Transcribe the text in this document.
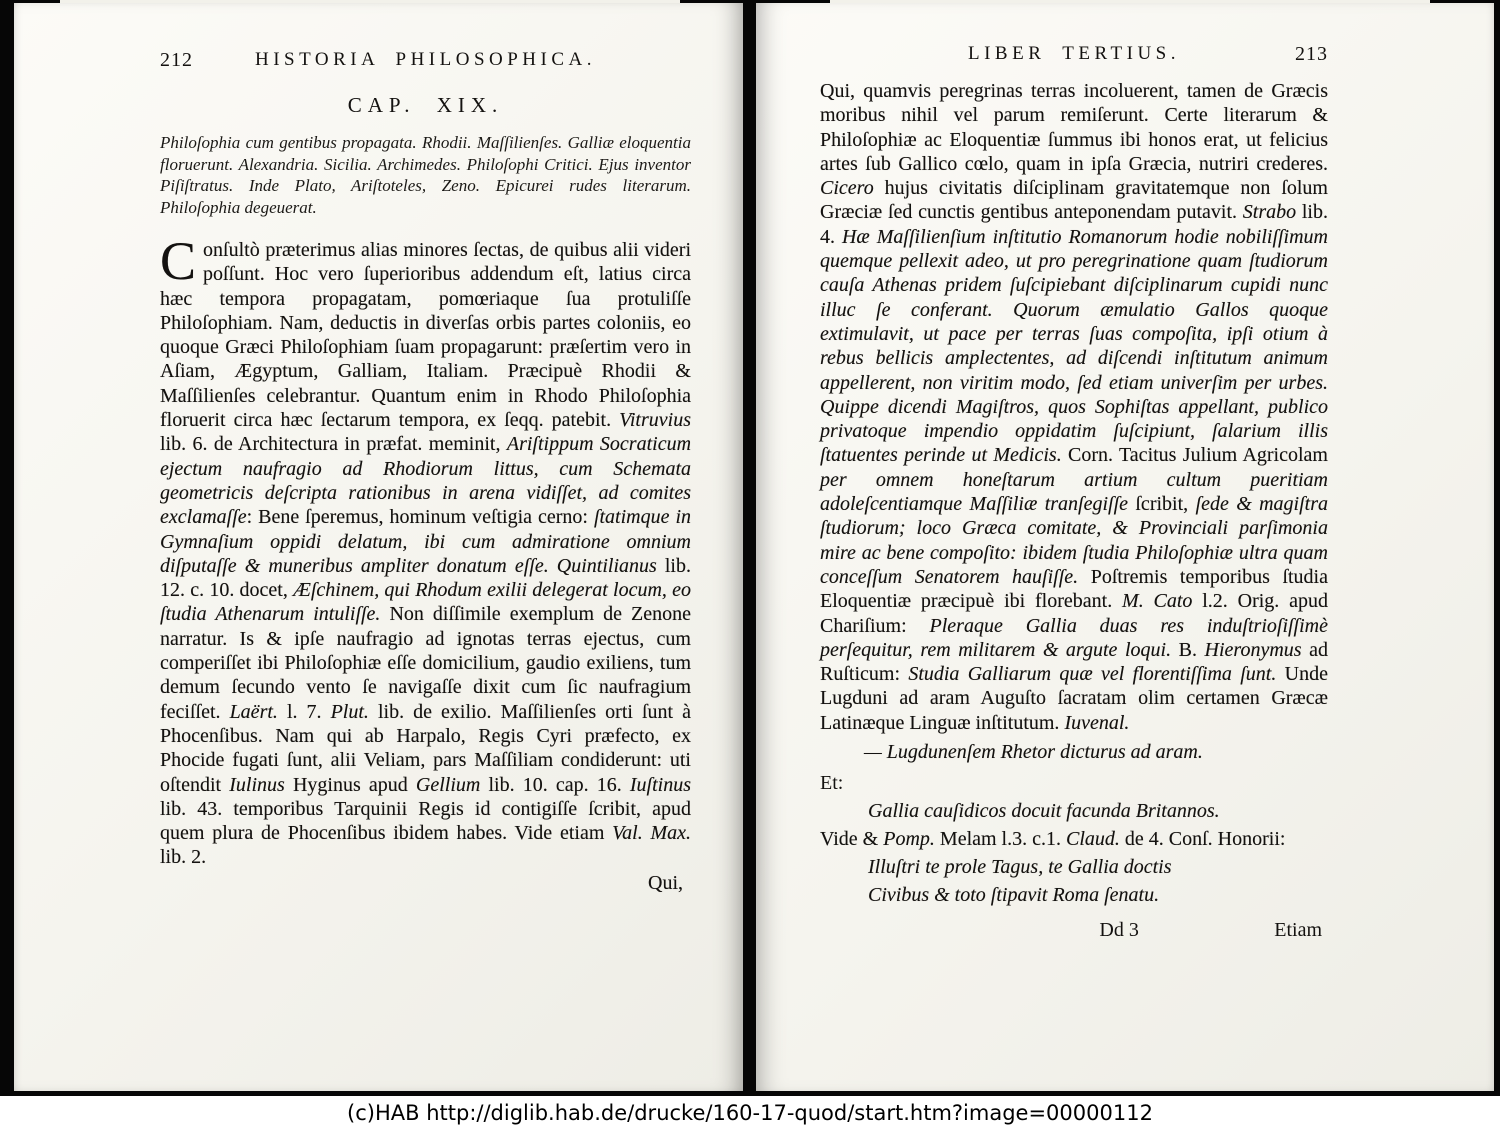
212	HISTORIA PHILOSOPHICA.
CAP. XIX.
Philoſophia cum gentibus propagata. Rhodii. Maſſilienſes. Galliæ eloquentia floruerunt. Alexandria. Sicilia. Archimedes. Philoſophi Critici. Ejus inventor Piſiſtratus. Inde Plato, Ariſtoteles, Zeno. Epicurei rudes literarum. Philoſophia degeuerat.
Conſultò præterimus alias minores ſectas, de quibus alii videri poſſunt. Hoc vero ſuperioribus addendum eſt, latius circa hæc tempora propagatam, pomœriaque ſua protuliſſe Philoſophiam. Nam, deductis in diverſas orbis partes coloniis, eo quoque Græci Philoſophiam ſuam propagarunt: præſertim vero in Aſiam, Ægyptum, Galliam, Italiam. Præcipuè Rhodii & Maſſilienſes celebrantur. Quantum enim in Rhodo Philoſophia floruerit circa hæc ſectarum tempora, ex ſeqq. patebit. Vitruvius lib. 6. de Architectura in præfat. meminit, Ariſtippum Socraticum ejectum naufragio ad Rhodiorum littus, cum Schemata geometricis deſcripta rationibus in arena vidiſſet, ad comites exclamaſſe: Bene ſperemus, hominum veſtigia cerno: ſtatimque in Gymnaſium oppidi delatum, ibi cum admiratione omnium diſputaſſe & muneribus ampliter donatum eſſe. Quintilianus lib. 12. c. 10. docet, Æſchinem, qui Rhodum exilii delegerat locum, eo ſtudia Athenarum intuliſſe. Non diſſimile exemplum de Zenone narratur. Is & ipſe naufragio ad ignotas terras ejectus, cum comperiſſet ibi Philoſophiæ eſſe domicilium, gaudio exiliens, tum demum ſecundo vento ſe navigaſſe dixit cum ſic naufragium feciſſet. Laërt. l. 7. Plut. lib. de exilio. Maſſilienſes orti ſunt à Phocenſibus. Nam qui ab Harpalo, Regis Cyri præfecto, ex Phocide fugati ſunt, alii Veliam, pars Maſſiliam condiderunt: uti oſtendit Iulinus Hyginus apud Gellium lib. 10. cap. 16. Iuſtinus lib. 43. temporibus Tarquinii Regis id contigiſſe ſcribit, apud quem plura de Phocenſibus ibidem habes. Vide etiam Val. Max. lib. 2.
Qui,
LIBER TERTIUS.	213
Qui, quamvis peregrinas terras incoluerent, tamen de Græcis moribus nihil vel parum remiſerunt. Certe literarum & Philoſophiæ ac Eloquentiæ ſummus ibi honos erat, ut felicius artes ſub Gallico cœlo, quam in ipſa Græcia, nutriri crederes. Cicero hujus civitatis diſciplinam gravitatemque non ſolum Græciæ ſed cunctis gentibus anteponendam putavit. Strabo lib. 4. Hæ Maſſilienſium inſtitutio Romanorum hodie nobiliſſimum quemque pellexit adeo, ut pro peregrinatione quam ſtudiorum cauſa Athenas pridem ſuſcipiebant diſciplinarum cupidi nunc illuc ſe conferant. Quorum æmulatio Gallos quoque extimulavit, ut pace per terras ſuas compoſita, ipſi otium à rebus bellicis amplectentes, ad diſcendi inſtitutum animum appellerent, non viritim modo, ſed etiam univerſim per urbes. Quippe dicendi Magiſtros, quos Sophiſtas appellant, publico privatoque impendio oppidatim ſuſcipiunt, ſalarium illis ſtatuentes perinde ut Medicis. Corn. Tacitus Julium Agricolam per omnem honeſtarum artium cultum pueritiam adoleſcentiamque Maſſiliæ tranſegiſſe ſcribit, ſede & magiſtra ſtudiorum; loco Græca comitate, & Provinciali parſimonia mire ac bene compoſito: ibidem ſtudia Philoſophiæ ultra quam conceſſum Senatorem hauſiſſe. Poſtremis temporibus ſtudia Eloquentiæ præcipuè ibi florebant. M. Cato l.2. Orig. apud Chariſium: Pleraque Gallia duas res induſtrioſiſſimè perſequitur, rem militarem & argute loqui. B. Hieronymus ad Ruſticum: Studia Galliarum quæ vel florentiſſima ſunt. Unde Lugduni ad aram Auguſto ſacratam olim certamen Græcæ Latinæque Linguæ inſtitutum. Iuvenal.
— Lugdunenſem Rhetor dicturus ad aram.
Et:
Gallia cauſidicos docuit facunda Britannos.
Vide & Pomp. Melam l.3. c.1. Claud. de 4. Conſ. Honorii:
Illuſtri te prole Tagus, te Gallia doctis
Civibus & toto ſtipavit Roma ſenatu.
Dd 3	Etiam
(c)HAB http://diglib.hab.de/drucke/160-17-quod/start.htm?image=00000112
